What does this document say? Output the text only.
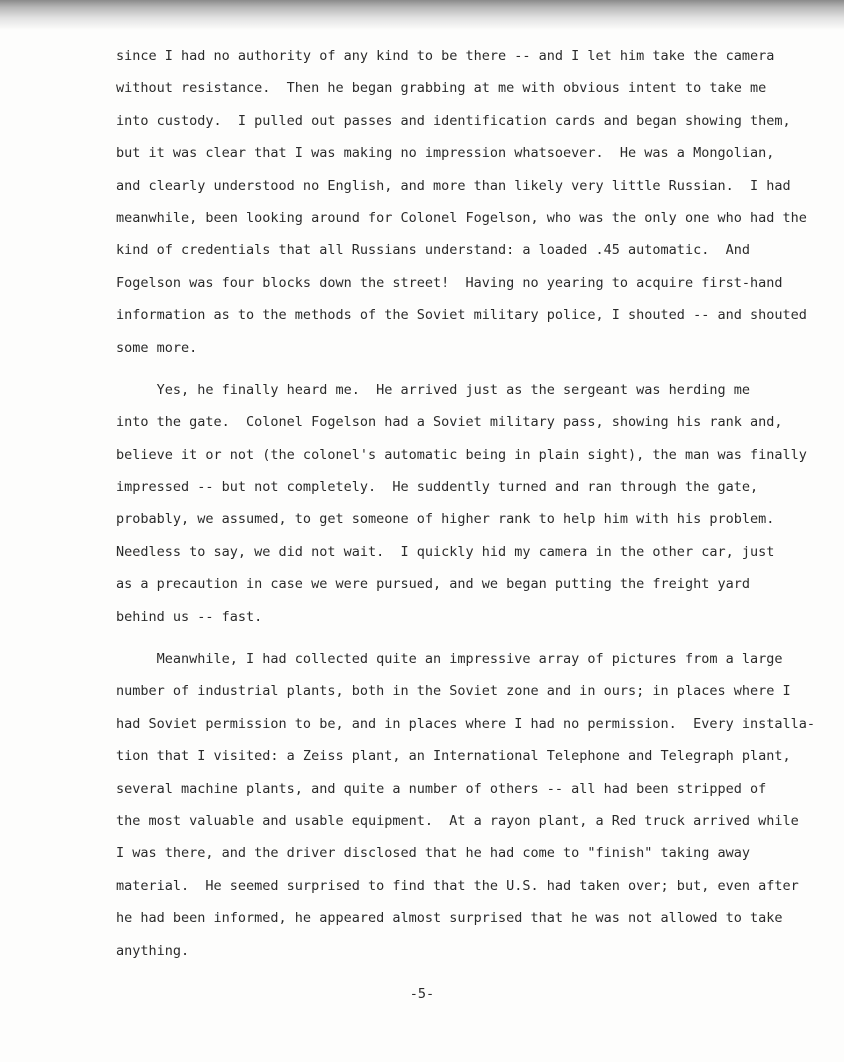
since I had no authority of any kind to be there -- and I let him take the camera
without resistance.  Then he began grabbing at me with obvious intent to take me
into custody.  I pulled out passes and identification cards and began showing them,
but it was clear that I was making no impression whatsoever.  He was a Mongolian,
and clearly understood no English, and more than likely very little Russian.  I had
meanwhile, been looking around for Colonel Fogelson, who was the only one who had the
kind of credentials that all Russians understand: a loaded .45 automatic.  And
Fogelson was four blocks down the street!  Having no yearing to acquire first-hand
information as to the methods of the Soviet military police, I shouted -- and shouted
some more.
Yes, he finally heard me.  He arrived just as the sergeant was herding me
into the gate.  Colonel Fogelson had a Soviet military pass, showing his rank and,
believe it or not (the colonel's automatic being in plain sight), the man was finally
impressed -- but not completely.  He suddently turned and ran through the gate,
probably, we assumed, to get someone of higher rank to help him with his problem.
Needless to say, we did not wait.  I quickly hid my camera in the other car, just
as a precaution in case we were pursued, and we began putting the freight yard
behind us -- fast.
Meanwhile, I had collected quite an impressive array of pictures from a large
number of industrial plants, both in the Soviet zone and in ours; in places where I
had Soviet permission to be, and in places where I had no permission.  Every installa-
tion that I visited: a Zeiss plant, an International Telephone and Telegraph plant,
several machine plants, and quite a number of others -- all had been stripped of
the most valuable and usable equipment.  At a rayon plant, a Red truck arrived while
I was there, and the driver disclosed that he had come to "finish" taking away
material.  He seemed surprised to find that the U.S. had taken over; but, even after
he had been informed, he appeared almost surprised that he was not allowed to take
anything.
-5-
